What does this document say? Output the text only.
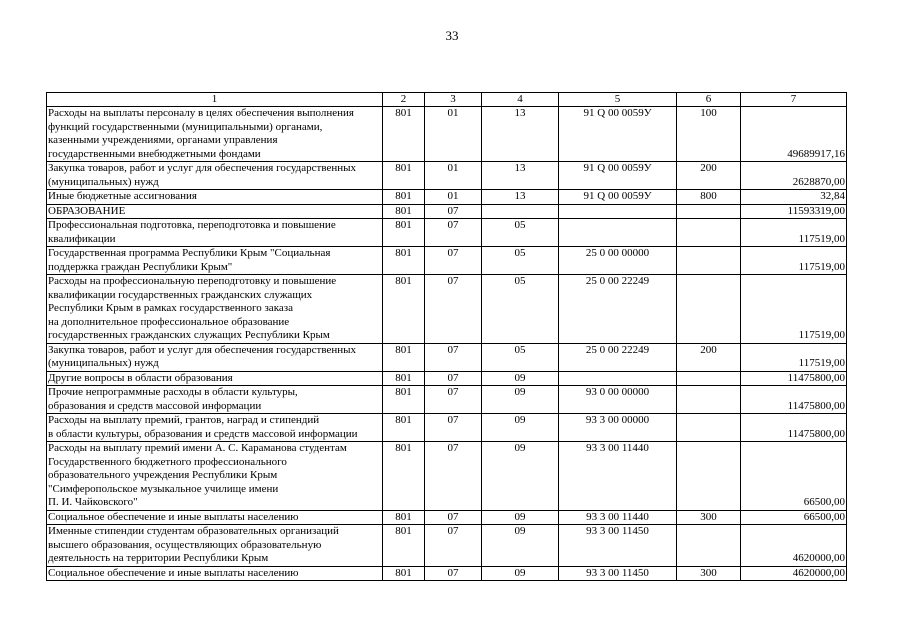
33
1	2	3	4	5	6	7
Расходы на выплаты персоналу в целях обеспечения выполнения
функций государственными (муниципальными) органами,
казенными учреждениями, органами управления
государственными внебюджетными фондами	801	01	13	91 Q 00 0059У	100	49689917,16
Закупка товаров, работ и услуг для обеспечения государственных
(муниципальных) нужд	801	01	13	91 Q 00 0059У	200	2628870,00
Иные бюджетные ассигнования	801	01	13	91 Q 00 0059У	800	32,84
ОБРАЗОВАНИЕ	801	07				11593319,00
Профессиональная подготовка, переподготовка и повышение
квалификации	801	07	05			117519,00
Государственная программа Республики Крым "Социальная
поддержка граждан Республики Крым"	801	07	05	25 0 00 00000		117519,00
Расходы на профессиональную переподготовку и повышение
квалификации государственных гражданских служащих
Республики Крым в рамках государственного заказа
на дополнительное профессиональное образование
государственных гражданских служащих Республики Крым	801	07	05	25 0 00 22249		117519,00
Закупка товаров, работ и услуг для обеспечения государственных
(муниципальных) нужд	801	07	05	25 0 00 22249	200	117519,00
Другие вопросы в области образования	801	07	09			11475800,00
Прочие непрограммные расходы в области культуры,
образования и средств массовой информации	801	07	09	93 0 00 00000		11475800,00
Расходы на выплату премий, грантов, наград и стипендий
в области культуры, образования и средств массовой информации	801	07	09	93 3 00 00000		11475800,00
Расходы на выплату премий имени А. С. Караманова студентам
Государственного бюджетного профессионального
образовательного учреждения Республики Крым
"Симферопольское музыкальное училище имени
П. И. Чайковского"	801	07	09	93 3 00 11440		66500,00
Социальное обеспечение и иные выплаты населению	801	07	09	93 3 00 11440	300	66500,00
Именные стипендии студентам образовательных организаций
высшего образования, осуществляющих образовательную
деятельность на территории Республики Крым	801	07	09	93 3 00 11450		4620000,00
Социальное обеспечение и иные выплаты населению	801	07	09	93 3 00 11450	300	4620000,00
